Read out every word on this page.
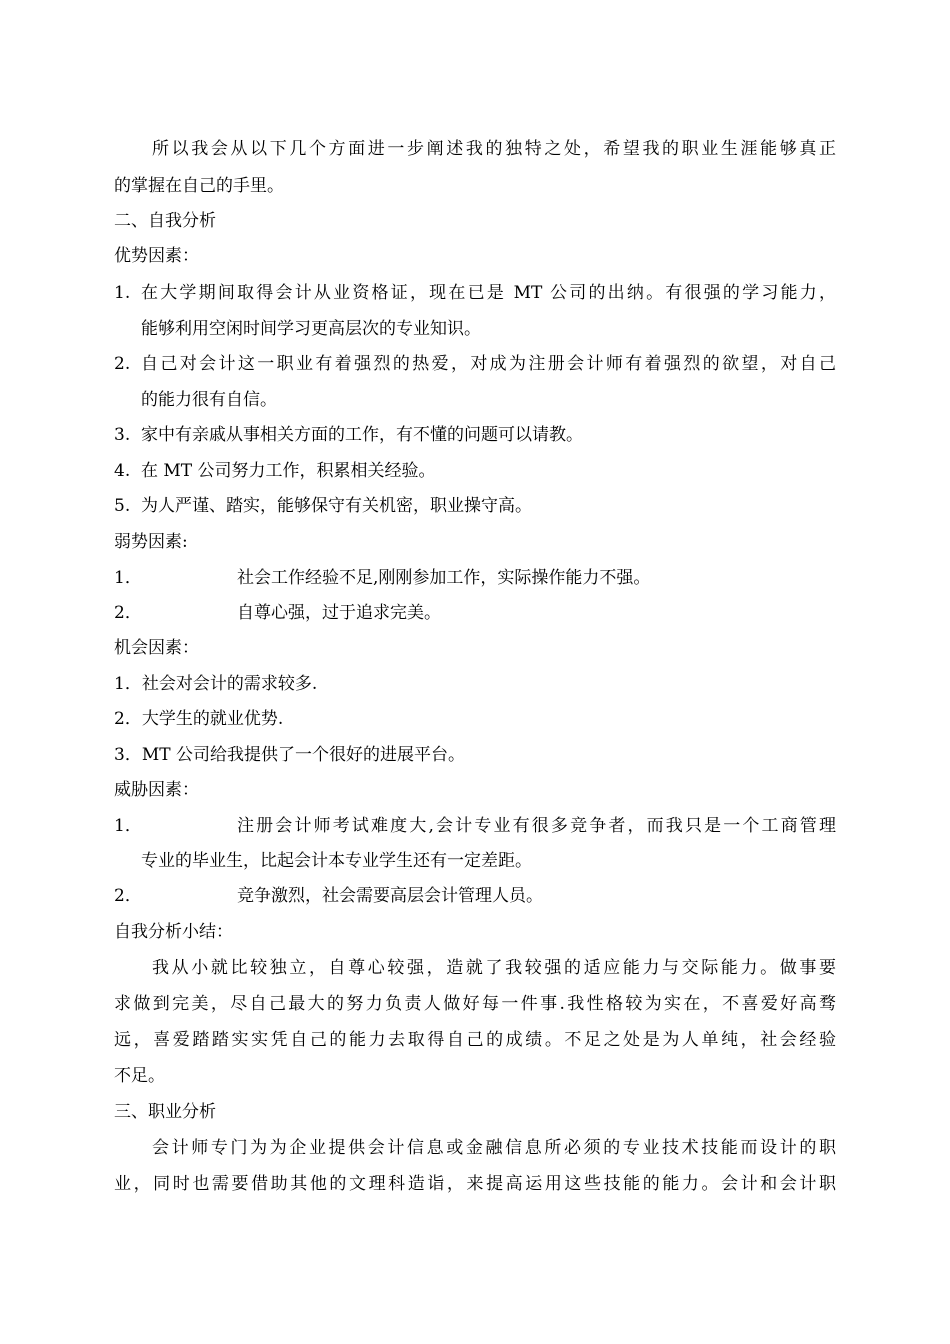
所以我会从以下几个方面进一步阐述我的独特之处，希望我的职业生涯能够真正
的掌握在自己的手里。
二、自我分析
优势因素：
1. 在大学期间取得会计从业资格证，现在已是 MT 公司的出纳。有很强的学习能力，
能够利用空闲时间学习更高层次的专业知识。
2. 自己对会计这一职业有着强烈的热爱，对成为注册会计师有着强烈的欲望，对自己
的能力很有自信。
3. 家中有亲戚从事相关方面的工作，有不懂的问题可以请教。
4. 在 MT 公司努力工作，积累相关经验。
5. 为人严谨、踏实，能够保守有关机密，职业操守高。
弱势因素:
1．	社会工作经验不足,刚刚参加工作，实际操作能力不强。
2．	自尊心强，过于追求完美。
机会因素：
1．社会对会计的需求较多.
2．大学生的就业优势.
3．MT 公司给我提供了一个很好的进展平台。
威胁因素：
1．	注册会计师考试难度大,会计专业有很多竞争者，而我只是一个工商管理
专业的毕业生，比起会计本专业学生还有一定差距。
2．	竞争激烈，社会需要高层会计管理人员。
自我分析小结：
我从小就比较独立，自尊心较强，造就了我较强的适应能力与交际能力。做事要
求做到完美，尽自己最大的努力负责人做好每一件事.我性格较为实在，不喜爱好高骛
远，喜爱踏踏实实凭自己的能力去取得自己的成绩。不足之处是为人单纯，社会经验
不足。
三、职业分析
会计师专门为为企业提供会计信息或金融信息所必须的专业技术技能而设计的职
业，同时也需要借助其他的文理科造诣，来提高运用这些技能的能力。会计和会计职
